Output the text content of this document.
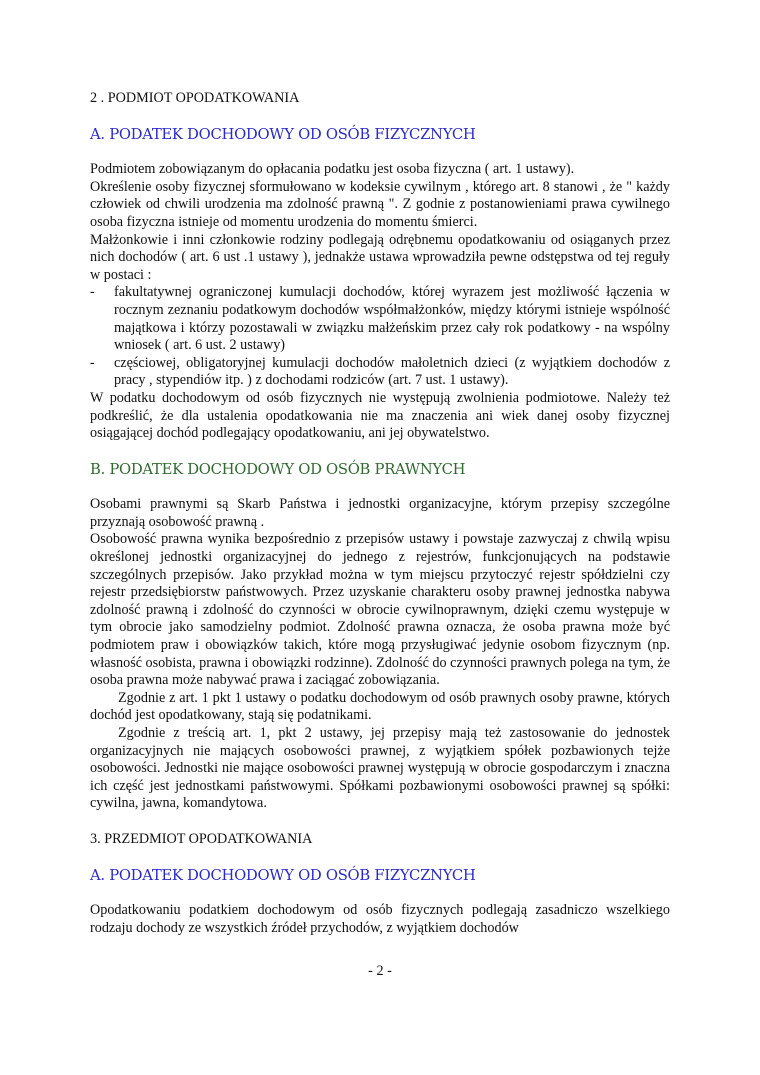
2 . PODMIOT OPODATKOWANIA
A. PODATEK DOCHODOWY OD OSÓB FIZYCZNYCH

Podmiotem zobowiązanym do opłacania podatku jest osoba fizyczna ( art. 1 ustawy).

Określenie osoby fizycznej sformułowano w kodeksie cywilnym , którego art. 8 stanowi , że " każdy człowiek od chwili urodzenia ma zdolność prawną ". Z godnie z postanowieniami prawa cywilnego osoba fizyczna istnieje od momentu urodzenia do momentu śmierci.

Małżonkowie i inni członkowie rodziny podlegają odrębnemu opodatkowaniu od osiąganych przez nich dochodów ( art. 6 ust .1 ustawy ), jednakże ustawa wprowadziła pewne odstępstwa od tej reguły w postaci :

- fakultatywnej ograniczonej kumulacji dochodów, której wyrazem jest możliwość łączenia w rocznym zeznaniu podatkowym dochodów współmałżonków, między którymi istnieje wspólność majątkowa i którzy pozostawali w związku małżeńskim przez cały rok podatkowy - na wspólny wniosek ( art. 6 ust. 2 ustawy)
- częściowej, obligatoryjnej kumulacji dochodów małoletnich dzieci (z wyjątkiem dochodów z pracy , stypendiów itp. ) z dochodami rodziców (art. 7 ust. 1 ustawy).

W podatku dochodowym od osób fizycznych nie występują zwolnienia podmiotowe. Należy też podkreślić, że dla ustalenia opodatkowania nie ma znaczenia ani wiek danej osoby fizycznej osiągającej dochód podlegający opodatkowaniu, ani jej obywatelstwo.

B. PODATEK DOCHODOWY OD OSÓB PRAWNYCH

Osobami prawnymi są Skarb Państwa i jednostki organizacyjne, którym przepisy szczególne przyznają osobowość prawną .

Osobowość prawna wynika bezpośrednio z przepisów ustawy i powstaje zazwyczaj z chwilą wpisu określonej jednostki organizacyjnej do jednego z rejestrów, funkcjonujących na podstawie szczególnych przepisów. Jako przykład można w tym miejscu przytoczyć rejestr spółdzielni czy rejestr przedsiębiorstw państwowych. Przez uzyskanie charakteru osoby prawnej jednostka nabywa zdolność prawną i zdolność do czynności w obrocie cywilnoprawnym, dzięki czemu występuje w tym obrocie jako samodzielny podmiot. Zdolność prawna oznacza, że osoba prawna może być podmiotem praw i obowiązków takich, które mogą przysługiwać jedynie osobom fizycznym (np. własność osobista, prawna i obowiązki rodzinne). Zdolność do czynności prawnych polega na tym, że osoba prawna może nabywać prawa i zaciągać zobowiązania.

Zgodnie z art. 1 pkt 1 ustawy o podatku dochodowym od osób prawnych osoby prawne, których dochód jest opodatkowany, stają się podatnikami.

Zgodnie z treścią art. 1, pkt 2 ustawy, jej przepisy mają też zastosowanie do jednostek organizacyjnych nie mających osobowości prawnej, z wyjątkiem spółek pozbawionych tejże osobowości. Jednostki nie mające osobowości prawnej występują w obrocie gospodarczym i znaczna ich część jest jednostkami państwowymi. Spółkami pozbawionymi osobowości prawnej są spółki: cywilna, jawna, komandytowa.

3. PRZEDMIOT OPODATKOWANIA
A. PODATEK DOCHODOWY OD OSÓB FIZYCZNYCH

Opodatkowaniu podatkiem dochodowym od osób fizycznych podlegają zasadniczo wszelkiego rodzaju dochody ze wszystkich źródeł przychodów, z wyjątkiem dochodów

- 2 -
